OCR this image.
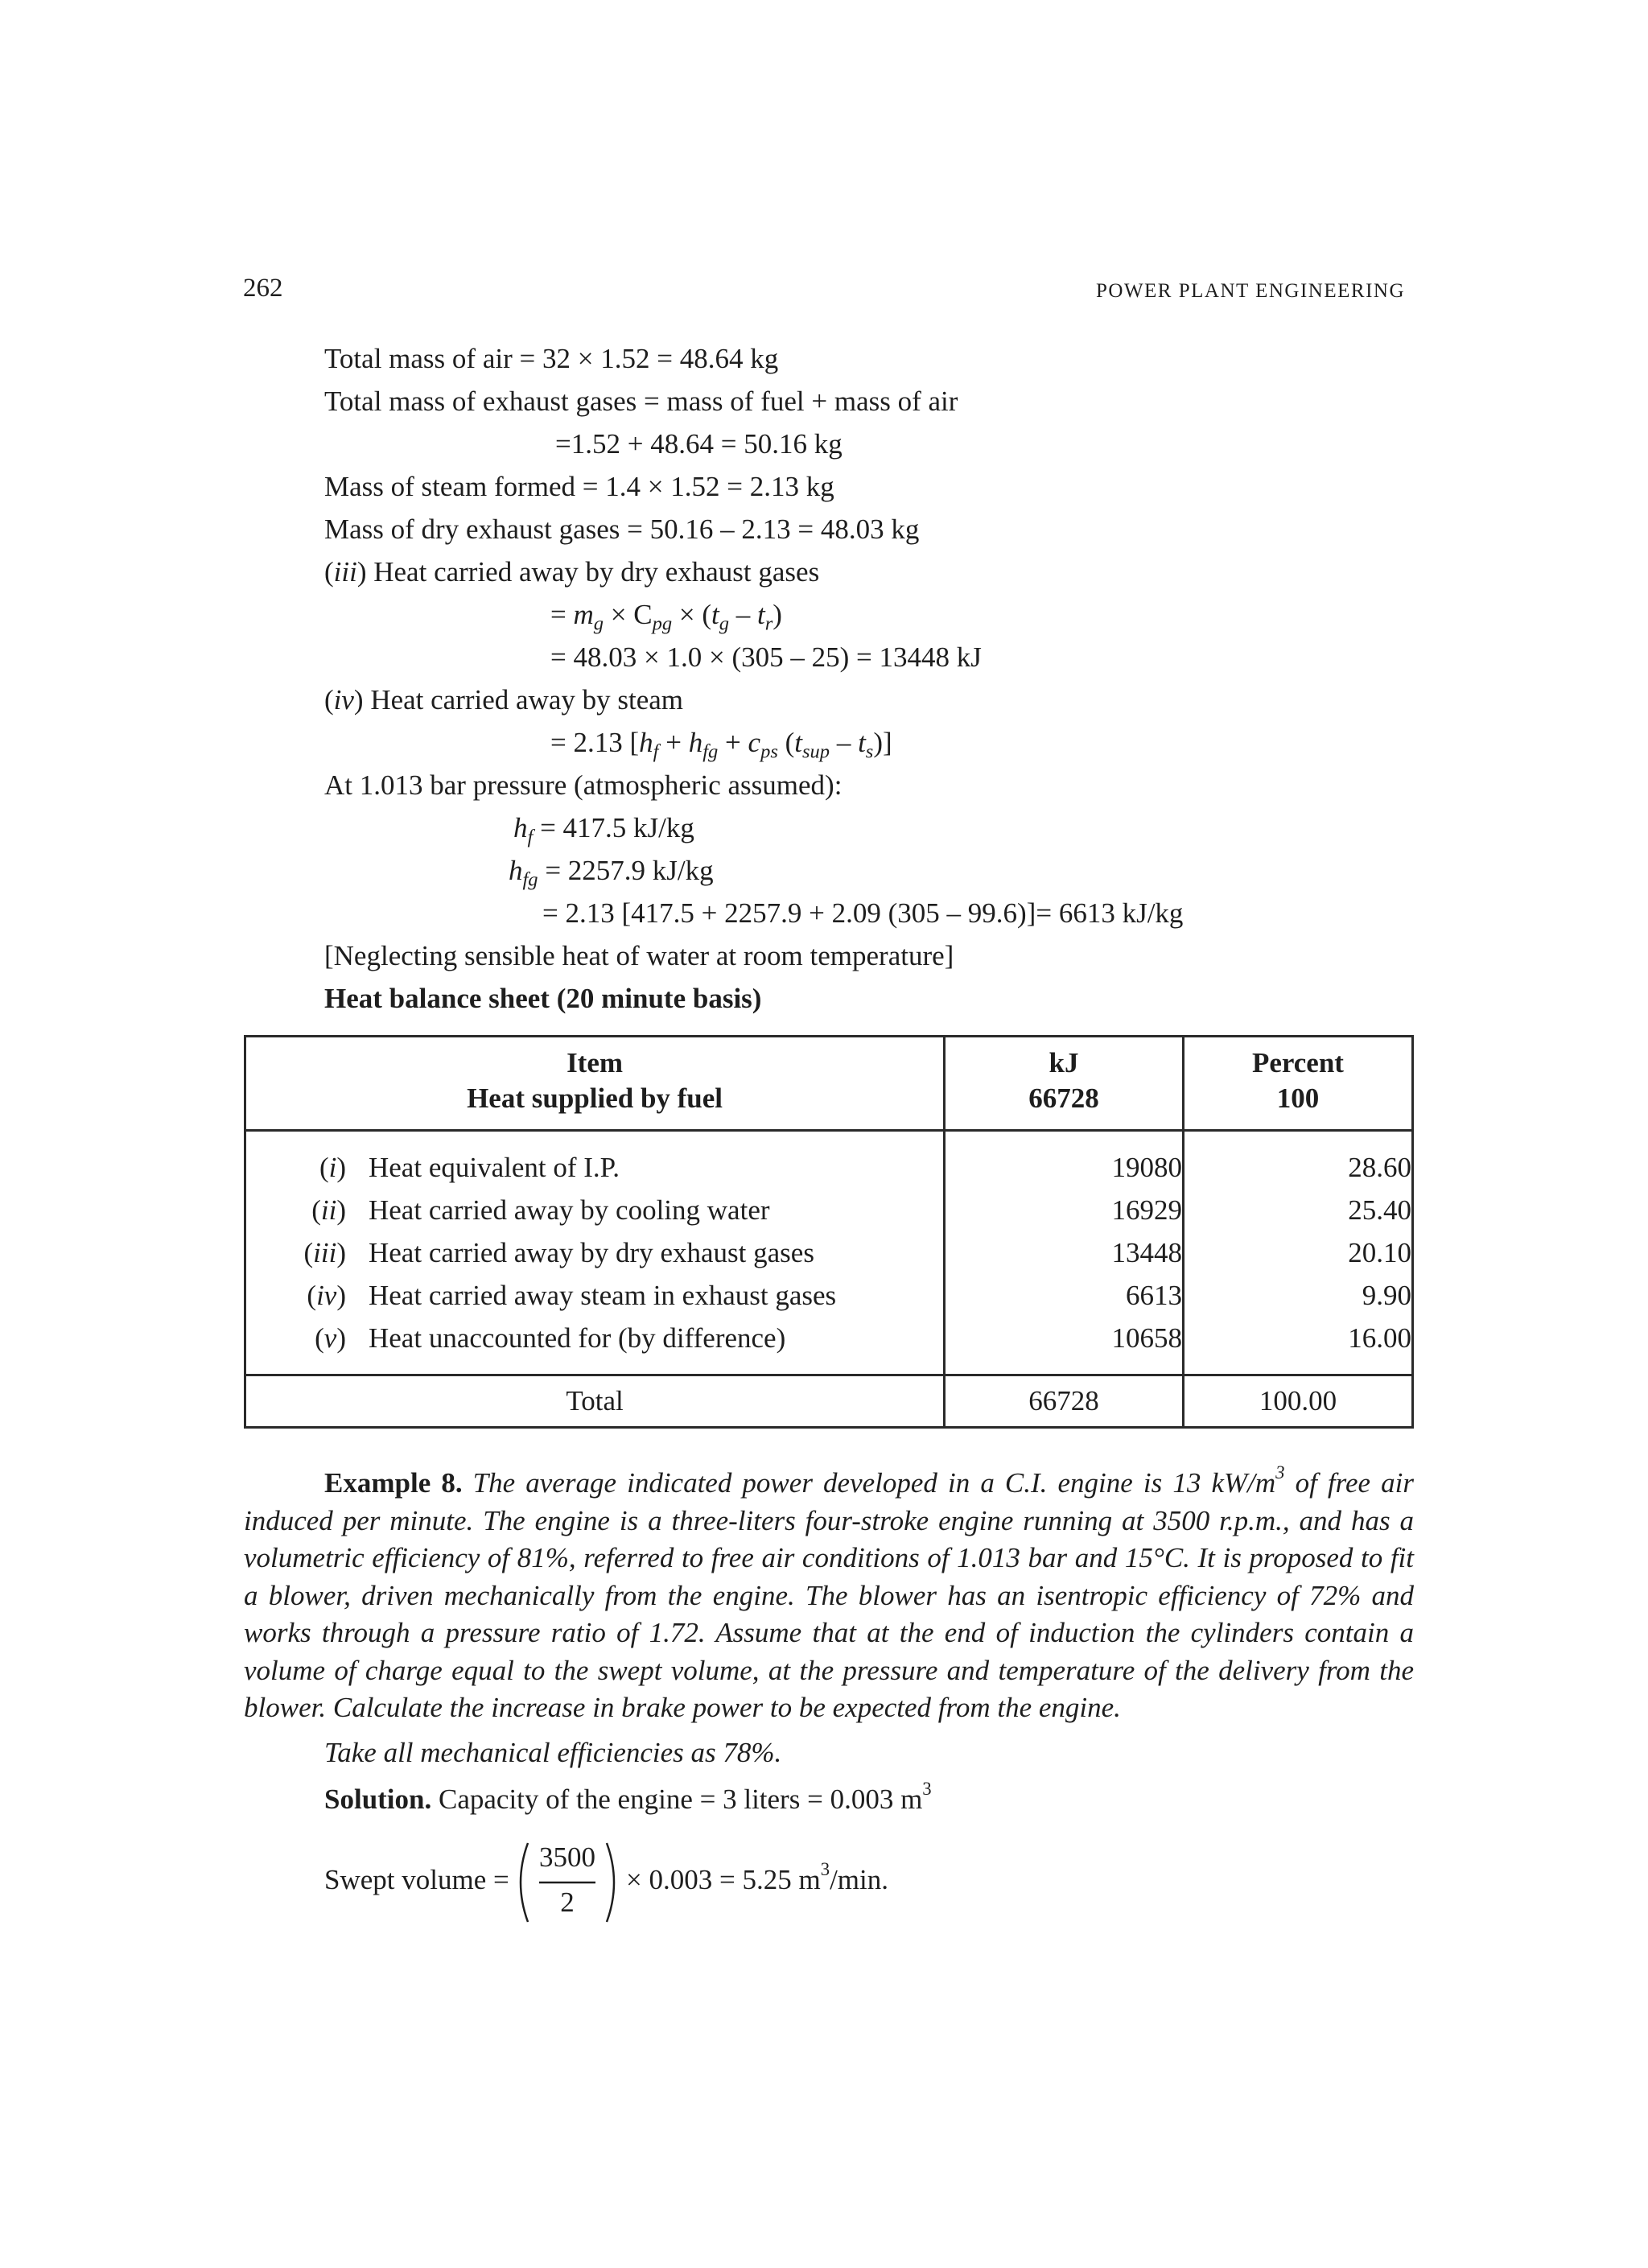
262	POWER PLANT ENGINEERING
Total mass of air = 32 × 1.52 = 48.64 kg
Total mass of exhaust gases = mass of fuel + mass of air
=1.52 + 48.64 = 50.16 kg
Mass of steam formed = 1.4 × 1.52 = 2.13 kg
Mass of dry exhaust gases = 50.16 – 2.13 = 48.03 kg
(iii) Heat carried away by dry exhaust gases
= $m_g \times C_{pg} \times (t_g - t_r)$
= 48.03 × 1.0 × (305 – 25) = 13448 kJ
(iv) Heat carried away by steam
= 2.13 [$h_f + h_{fg} + c_{ps}$ $(t_{sup} - t_s)$]
At 1.013 bar pressure (atmospheric assumed):
$h_f = 417.5$ kJ/kg
$h_{fg} = 2257.9$ kJ/kg
= 2.13 [417.5 + 2257.9 + 2.09 (305 – 99.6)]= 6613 kJ/kg
[Neglecting sensible heat of water at room temperature]
Heat balance sheet (20 minute basis)
Item	kJ	Percent
Heat supplied by fuel	66728	100
(i) Heat equivalent of I.P.	19080	28.60
(ii) Heat carried away by cooling water	16929	25.40
(iii) Heat carried away by dry exhaust gases	13448	20.10
(iv) Heat carried away steam in exhaust gases	6613	9.90
(v) Heat unaccounted for (by difference)	10658	16.00
Total	66728	100.00
Example 8. The average indicated power developed in a C.I. engine is 13 $kW/m^3$ of free air induced per minute. The engine is a three-liters four-stroke engine running at 3500 r.p.m., and has a volumetric efficiency of 81%, referred to free air conditions of 1.013 bar and 15°C. It is proposed to fit a blower, driven mechanically from the engine. The blower has an isentropic efficiency of 72% and works through a pressure ratio of 1.72. Assume that at the end of induction the cylinders contain a volume of charge equal to the swept volume, at the pressure and temperature of the delivery from the blower. Calculate the increase in brake power to be expected from the engine.
Take all mechanical efficiencies as 78%.
Solution. Capacity of the engine = 3 liters = 0.003 $m^3$
Swept volume =
3500
2
× 0.003 = 5.25 $m^3/\min$.
